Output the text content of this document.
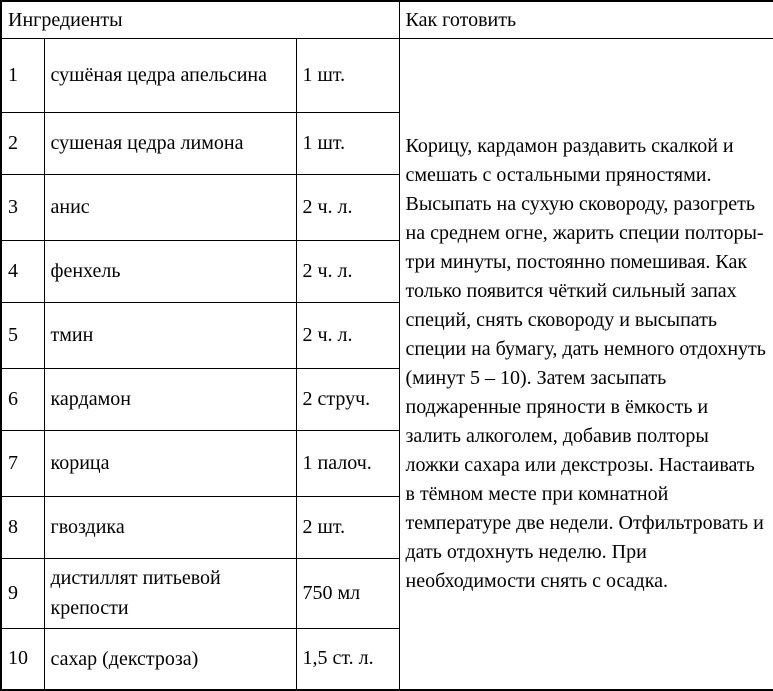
Ингредиенты			Как готовить
1	сушёная цедра апельсина	1 шт.	Корицу, кардамон раздавить скалкой и смешать с остальными пряностями. Высыпать на сухую сковороду, разогреть на среднем огне, жарить специи полторы-три минуты, постоянно помешивая. Как только появится чёткий сильный запах специй, снять сковороду и высыпать специи на бумагу, дать немного отдохнуть (минут 5 – 10). Затем засыпать поджаренные пряности в ёмкость и залить алкоголем, добавив полторы ложки сахара или декстрозы. Настаивать в тёмном месте при комнатной температуре две недели. Отфильтровать и дать отдохнуть неделю. При необходимости снять с осадка.
2	сушеная цедра лимона	1 шт.	
3	анис	2 ч. л.	
4	фенхель	2 ч. л.	
5	тмин	2 ч. л.	
6	кардамон	2 струч.	
7	корица	1 палоч.	
8	гвоздика	2 шт.	
9	дистиллят питьевой крепости	750 мл	
10	сахар (декстроза)	1,5 ст. л.	
